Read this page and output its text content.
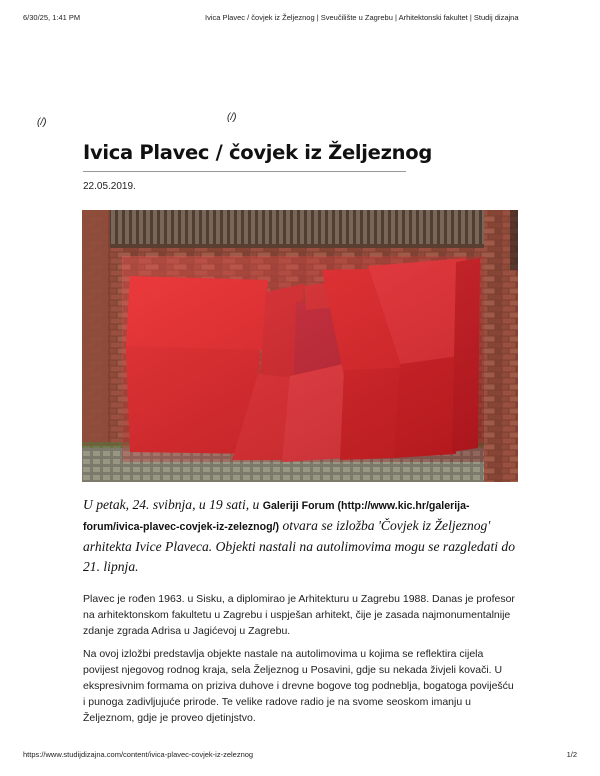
6/30/25, 1:41 PM	Ivica Plavec / čovjek iz Željeznog | Sveučilište u Zagrebu | Arhitektonski fakultet | Studij dizajna
(/)	(/)
Ivica Plavec / čovjek iz Željeznog
22.05.2019.

U petak, 24. svibnja, u 19 sati, u Galeriji Forum (http://www.kic.hr/galerija-forum/ivica-plavec-covjek-iz-zeleznog/) otvara se izložba 'Čovjek iz Željeznog' arhitekta Ivice Plaveca. Objekti nastali na autolimovima mogu se razgledati do 21. lipnja.

Plavec je rođen 1963. u Sisku, a diplomirao je Arhitekturu u Zagrebu 1988. Danas je profesor na arhitektonskom fakultetu u Zagrebu i uspješan arhitekt, čije je zasada najmonumentalnije zdanje zgrada Adrisa u Jagićevoj u Zagrebu.

Na ovoj izložbi predstavlja objekte nastale na autolimovima u kojima se reflektira cijela povijest njegovog rodnog kraja, sela Željeznog u Posavini, gdje su nekada živjeli kovači. U ekspresivnim formama on priziva duhove i drevne bogove tog podneblja, bogatoga poviješću i punoga zadivljujuće prirode. Te velike radove radio je na svome seoskom imanju u Željeznom, gdje je proveo djetinjstvo.

https://www.studijdizajna.com/content/ivica-plavec-covjek-iz-zeleznog	1/2
